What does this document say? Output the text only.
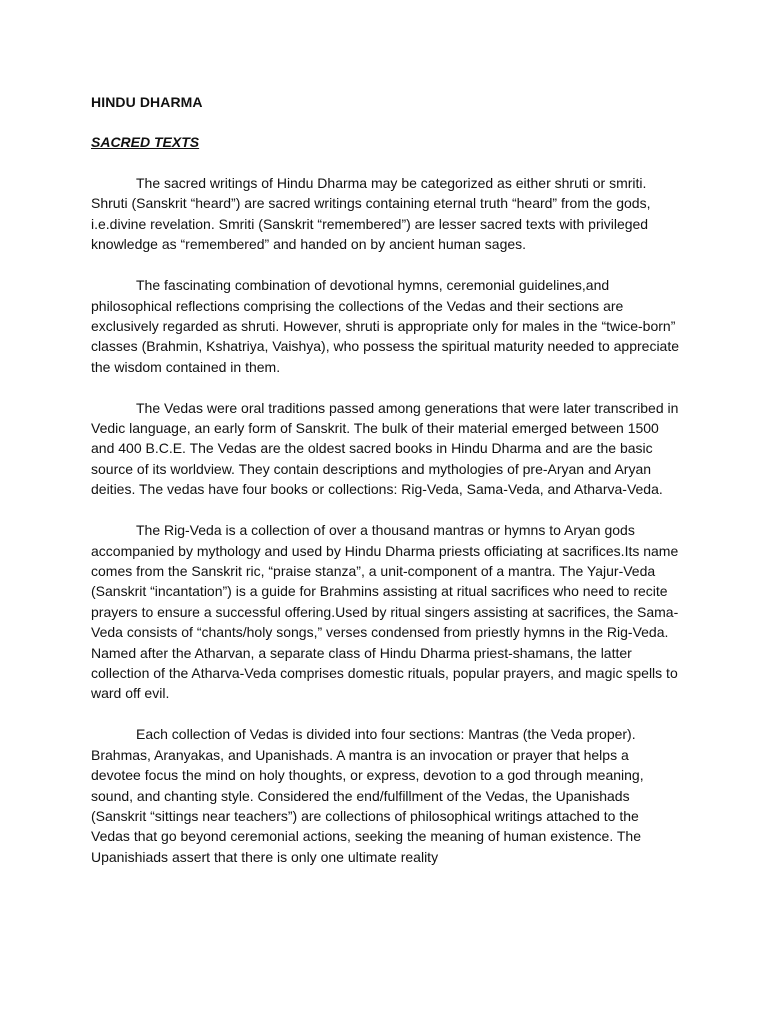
HINDU DHARMA
SACRED TEXTS

The sacred writings of Hindu Dharma may be categorized as either shruti or smriti. Shruti (Sanskrit “heard”) are sacred writings containing eternal truth “heard” from the gods, i.e.divine revelation. Smriti (Sanskrit “remembered”) are lesser sacred texts with privileged knowledge as “remembered” and handed on by ancient human sages.

The fascinating combination of devotional hymns, ceremonial guidelines,and philosophical reflections comprising the collections of the Vedas and their sections are exclusively regarded as shruti. However, shruti is appropriate only for males in the “twice-born” classes (Brahmin, Kshatriya, Vaishya), who possess the spiritual maturity needed to appreciate the wisdom contained in them.

The Vedas were oral traditions passed among generations that were later transcribed in Vedic language, an early form of Sanskrit. The bulk of their material emerged between 1500 and 400 B.C.E. The Vedas are the oldest sacred books in Hindu Dharma and are the basic source of its worldview. They contain descriptions and mythologies of pre-Aryan and Aryan deities. The vedas have four books or collections: Rig-Veda, Sama-Veda, and Atharva-Veda.

The Rig-Veda is a collection of over a thousand mantras or hymns to Aryan gods accompanied by mythology and used by Hindu Dharma priests officiating at sacrifices.Its name comes from the Sanskrit ric, “praise stanza”, a unit-component of a mantra. The Yajur-Veda (Sanskrit “incantation”) is a guide for Brahmins assisting at ritual sacrifices who need to recite prayers to ensure a successful offering.Used by ritual singers assisting at sacrifices, the Sama-Veda consists of “chants/holy songs,” verses condensed from priestly hymns in the Rig-Veda. Named after the Atharvan, a separate class of Hindu Dharma priest-shamans, the latter collection of the Atharva-Veda comprises domestic rituals, popular prayers, and magic spells to ward off evil.

Each collection of Vedas is divided into four sections: Mantras (the Veda proper). Brahmas, Aranyakas, and Upanishads. A mantra is an invocation or prayer that helps a devotee focus the mind on holy thoughts, or express, devotion to a god through meaning, sound, and chanting style. Considered the end/fulfillment of the Vedas, the Upanishads (Sanskrit “sittings near teachers”) are collections of philosophical writings attached to the Vedas that go beyond ceremonial actions, seeking the meaning of human existence. The Upanishiads assert that there is only one ultimate reality
